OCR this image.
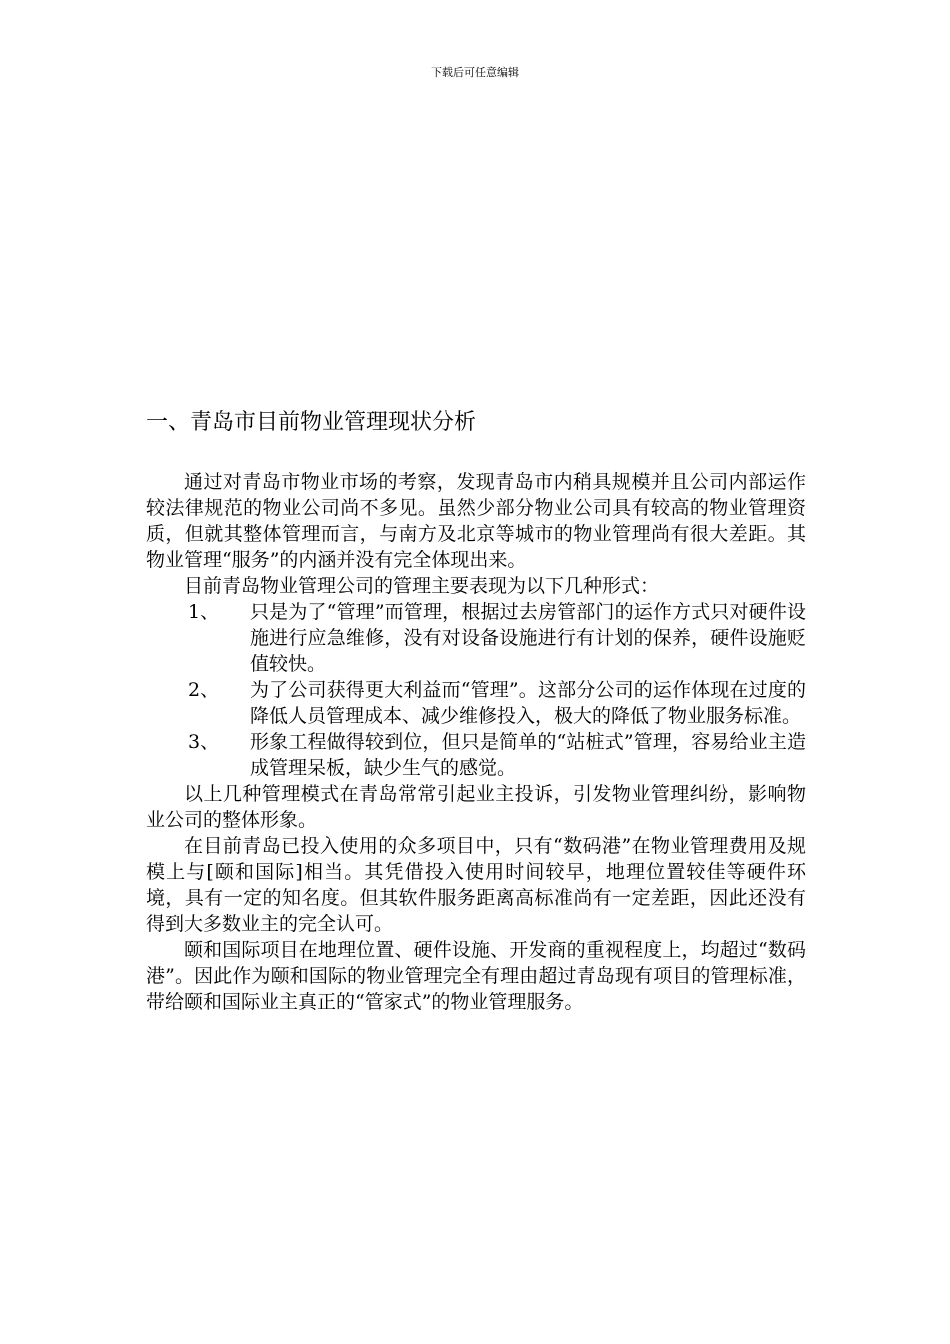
下载后可任意编辑
一、青岛市目前物业管理现状分析

通过对青岛市物业市场的考察，发现青岛市内稍具规模并且公司内部运作较法律规范的物业公司尚不多见。虽然少部分物业公司具有较高的物业管理资质，但就其整体管理而言，与南方及北京等城市的物业管理尚有很大差距。其物业管理“服务”的内涵并没有完全体现出来。

目前青岛物业管理公司的管理主要表现为以下几种形式：

1、 只是为了“管理”而管理，根据过去房管部门的运作方式只对硬件设施进行应急维修，没有对设备设施进行有计划的保养，硬件设施贬值较快。
2、 为了公司获得更大利益而“管理”。这部分公司的运作体现在过度的降低人员管理成本、减少维修投入，极大的降低了物业服务标准。
3、 形象工程做得较到位，但只是简单的“站桩式”管理，容易给业主造成管理呆板，缺少生气的感觉。

以上几种管理模式在青岛常常引起业主投诉，引发物业管理纠纷，影响物业公司的整体形象。

在目前青岛已投入使用的众多项目中，只有“数码港”在物业管理费用及规模上与[颐和国际]相当。其凭借投入使用时间较早，地理位置较佳等硬件环境，具有一定的知名度。但其软件服务距离高标准尚有一定差距，因此还没有得到大多数业主的完全认可。

颐和国际项目在地理位置、硬件设施、开发商的重视程度上，均超过“数码港”。因此作为颐和国际的物业管理完全有理由超过青岛现有项目的管理标准，带给颐和国际业主真正的“管家式”的物业管理服务。
